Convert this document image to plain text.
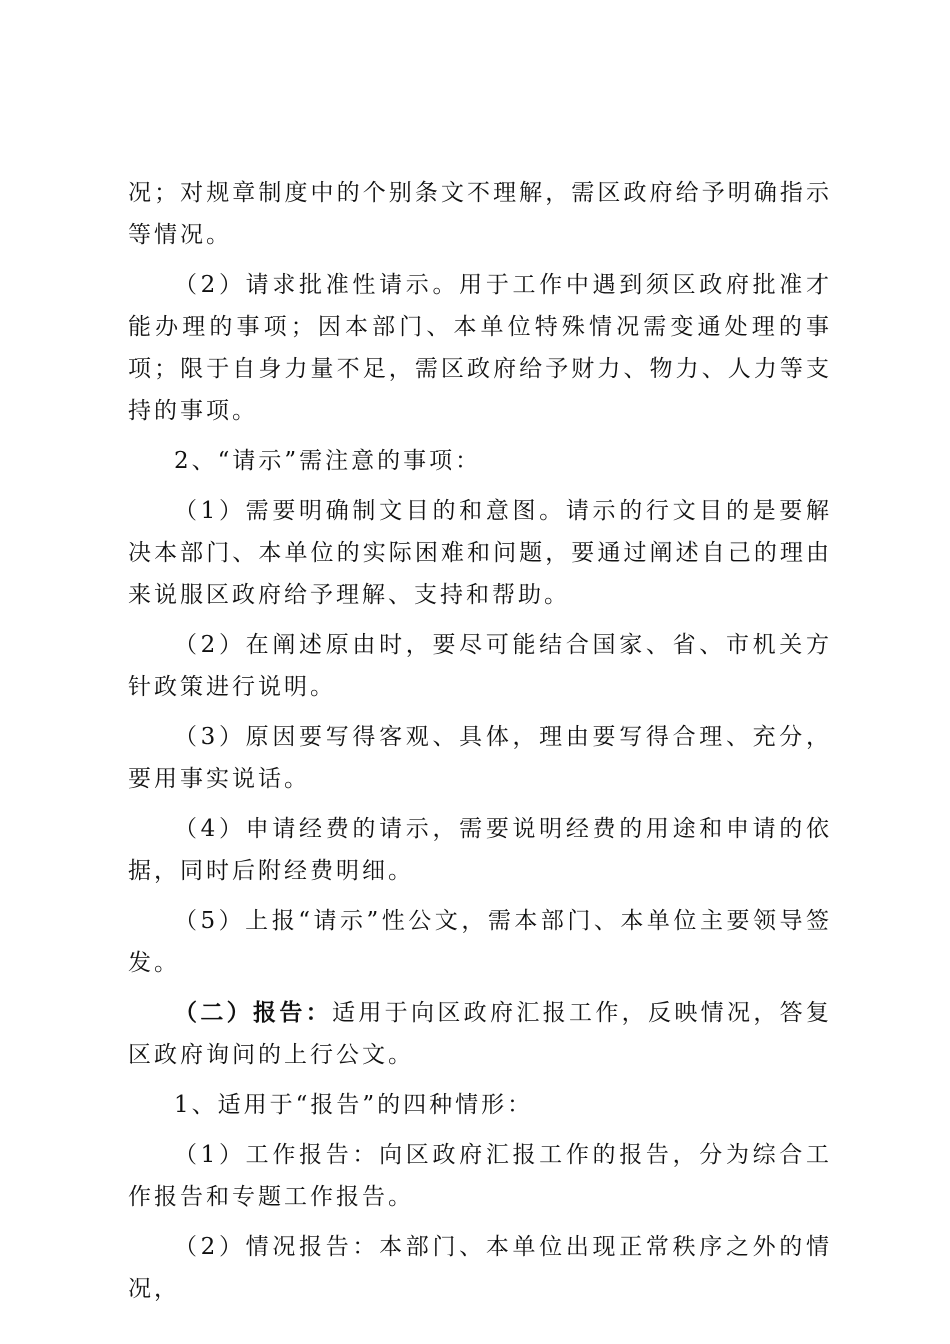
况；对规章制度中的个别条文不理解，需区政府给予明确指示等情况。

（2）请求批准性请示。用于工作中遇到须区政府批准才能办理的事项；因本部门、本单位特殊情况需变通处理的事项；限于自身力量不足，需区政府给予财力、物力、人力等支持的事项。

2、“请示”需注意的事项：

（1）需要明确制文目的和意图。请示的行文目的是要解决本部门、本单位的实际困难和问题，要通过阐述自己的理由来说服区政府给予理解、支持和帮助。

（2）在阐述原由时，要尽可能结合国家、省、市机关方针政策进行说明。

（3）原因要写得客观、具体，理由要写得合理、充分，要用事实说话。

（4）申请经费的请示，需要说明经费的用途和申请的依据，同时后附经费明细。

（5）上报“请示”性公文，需本部门、本单位主要领导签发。

（二）报告：适用于向区政府汇报工作，反映情况，答复区政府询问的上行公文。

1、适用于“报告”的四种情形：

（1）工作报告：向区政府汇报工作的报告，分为综合工作报告和专题工作报告。

（2）情况报告：本部门、本单位出现正常秩序之外的情况，
